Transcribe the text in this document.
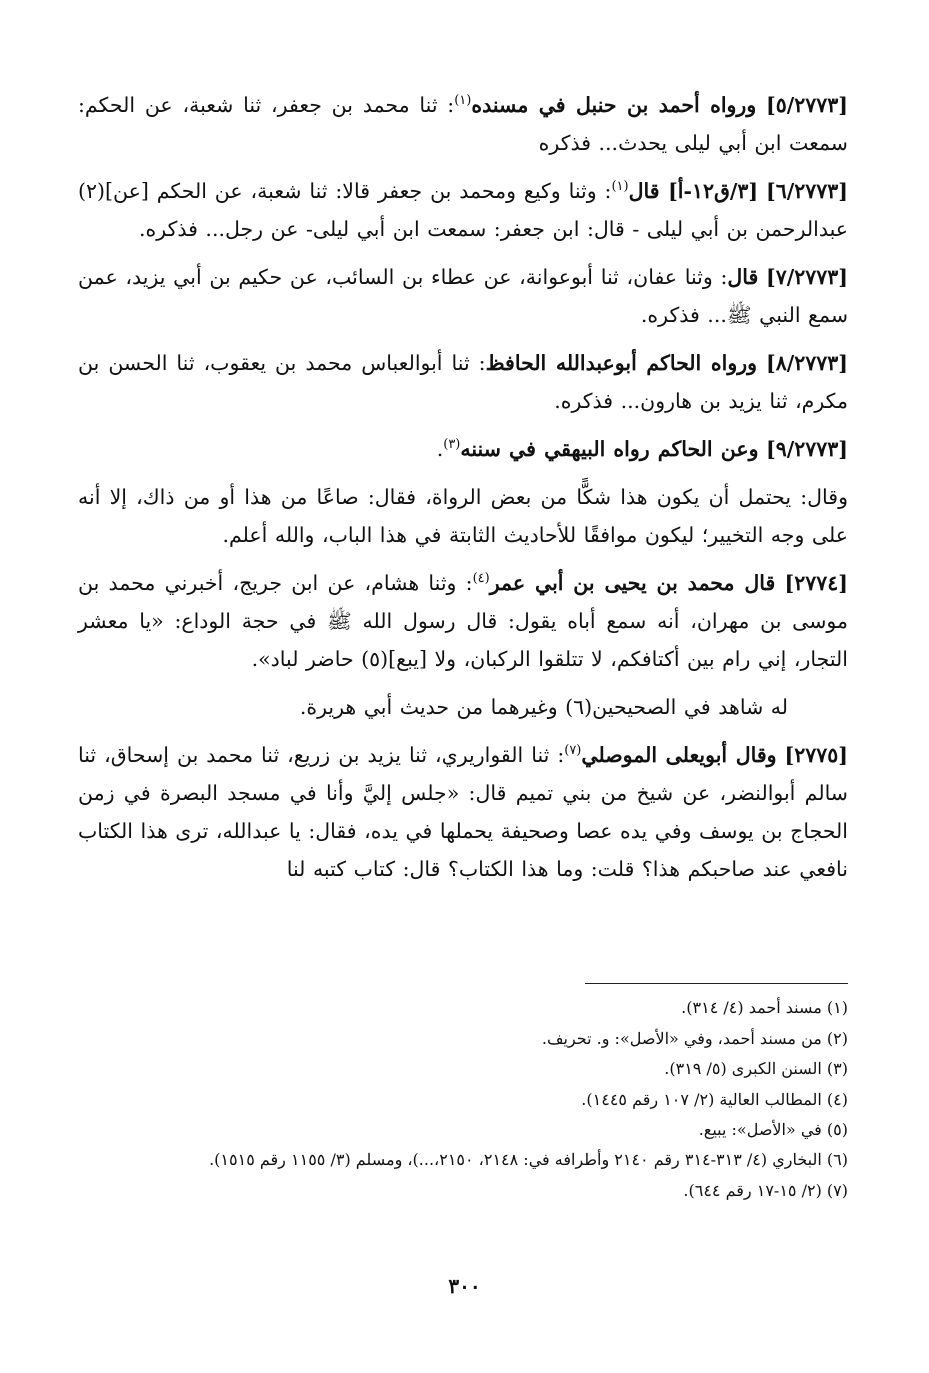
[٥/٢٧٧٣] ورواه أحمد بن حنبل في مسنده$^{(١)}$: ثنا محمد بن جعفر، ثنا شعبة، عن الحكم: سمعت ابن أبي ليلى يحدث... فذكره

[٦/٢٧٧٣] [٣/ق١٢-أ] قال$^{(١)}$: وثنا وكيع ومحمد بن جعفر قالا: ثنا شعبة، عن الحكم [عن](٢) عبدالرحمن بن أبي ليلى - قال: ابن جعفر: سمعت ابن أبي ليلى- عن رجل... فذكره.

[٧/٢٧٧٣] قال: وثنا عفان، ثنا أبوعوانة، عن عطاء بن السائب، عن حكيم بن أبي يزيد، عمن سمع النبي ﷺ... فذكره.

[٨/٢٧٧٣] ورواه الحاكم أبوعبدالله الحافظ: ثنا أبوالعباس محمد بن يعقوب، ثنا الحسن بن مكرم، ثنا يزيد بن هارون... فذكره.

[٩/٢٧٧٣] وعن الحاكم رواه البيهقي في سننه$^{(٣)}$.

وقال: يحتمل أن يكون هذا شكًّا من بعض الرواة، فقال: صاعًا من هذا أو من ذاك، إلا أنه على وجه التخيير؛ ليكون موافقًا للأحاديث الثابتة في هذا الباب، والله أعلم.

[٢٧٧٤] قال محمد بن يحيى بن أبي عمر$^{(٤)}$: وثنا هشام، عن ابن جريج، أخبرني محمد بن موسى بن مهران، أنه سمع أباه يقول: قال رسول الله ﷺ في حجة الوداع: «يا معشر التجار، إني رام بين أكتافكم، لا تتلقوا الركبان، ولا [يبع](٥) حاضر لباد».

له شاهد في الصحيحين(٦) وغيرهما من حديث أبي هريرة.

[٢٧٧٥] وقال أبويعلى الموصلي$^{(٧)}$: ثنا القواريري، ثنا يزيد بن زريع، ثنا محمد بن إسحاق، ثنا سالم أبوالنضر، عن شيخ من بني تميم قال: «جلس إليَّ وأنا في مسجد البصرة في زمن الحجاج بن يوسف وفي يده عصا وصحيفة يحملها في يده، فقال: يا عبدالله، ترى هذا الكتاب نافعي عند صاحبكم هذا؟ قلت: وما هذا الكتاب؟ قال: كتاب كتبه لنا

(١) مسند أحمد (٤/ ٣١٤).

(٢) من مسند أحمد، وفي «الأصل»: و. تحريف.

(٣) السنن الكبرى (٥/ ٣١٩).

(٤) المطالب العالية (٢/ ١٠٧ رقم ١٤٤٥).

(٥) في «الأصل»: يبيع.

(٦) البخاري (٤/ ٣١٣-٣١٤ رقم ٢١٤٠ وأطرافه في: ٢١٤٨، ٢١٥٠،...)، ومسلم (٣/ ١١٥٥ رقم ١٥١٥).

(٧) (٢/ ١٥-١٧ رقم ٦٤٤).

٣٠٠
